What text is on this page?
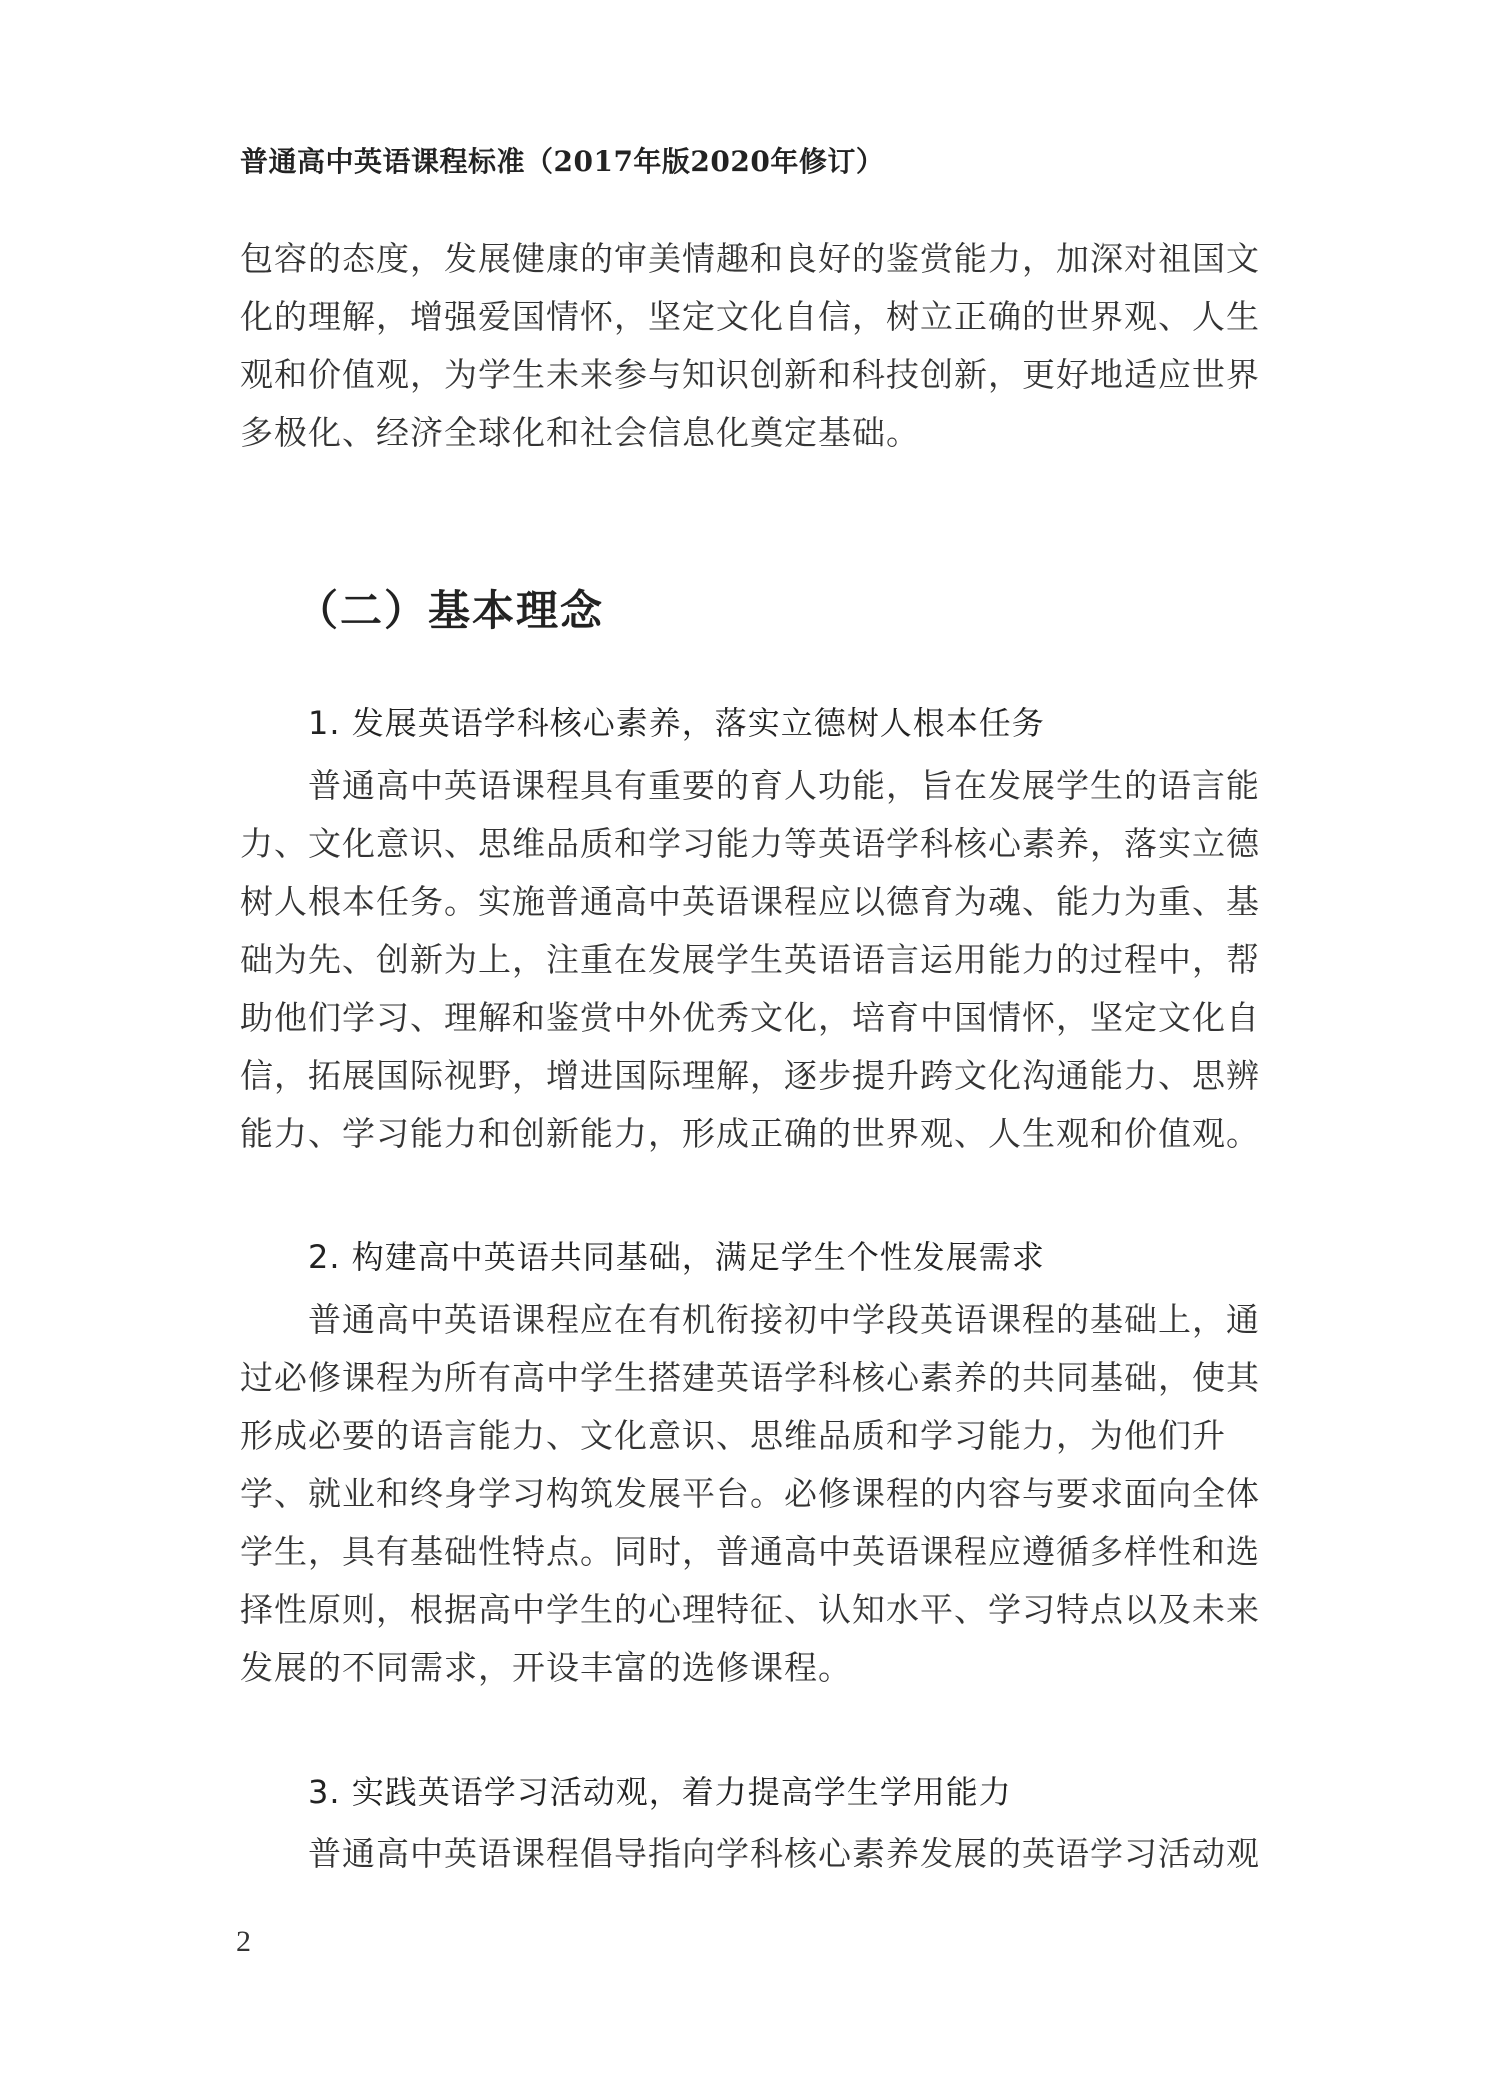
普通高中英语课程标准（2017年版2020年修订）
包容的态度，发展健康的审美情趣和良好的鉴赏能力，加深对祖国文
化的理解，增强爱国情怀，坚定文化自信，树立正确的世界观、人生
观和价值观，为学生未来参与知识创新和科技创新，更好地适应世界
多极化、经济全球化和社会信息化奠定基础。
（二）基本理念
1. 发展英语学科核心素养，落实立德树人根本任务
普通高中英语课程具有重要的育人功能，旨在发展学生的语言能
力、文化意识、思维品质和学习能力等英语学科核心素养，落实立德
树人根本任务。实施普通高中英语课程应以德育为魂、能力为重、基
础为先、创新为上，注重在发展学生英语语言运用能力的过程中，帮
助他们学习、理解和鉴赏中外优秀文化，培育中国情怀，坚定文化自
信，拓展国际视野，增进国际理解，逐步提升跨文化沟通能力、思辨
能力、学习能力和创新能力，形成正确的世界观、人生观和价值观。
2. 构建高中英语共同基础，满足学生个性发展需求
普通高中英语课程应在有机衔接初中学段英语课程的基础上，通
过必修课程为所有高中学生搭建英语学科核心素养的共同基础，使其
形成必要的语言能力、文化意识、思维品质和学习能力，为他们升
学、就业和终身学习构筑发展平台。必修课程的内容与要求面向全体
学生，具有基础性特点。同时，普通高中英语课程应遵循多样性和选
择性原则，根据高中学生的心理特征、认知水平、学习特点以及未来
发展的不同需求，开设丰富的选修课程。
3. 实践英语学习活动观，着力提高学生学用能力
普通高中英语课程倡导指向学科核心素养发展的英语学习活动观
2
